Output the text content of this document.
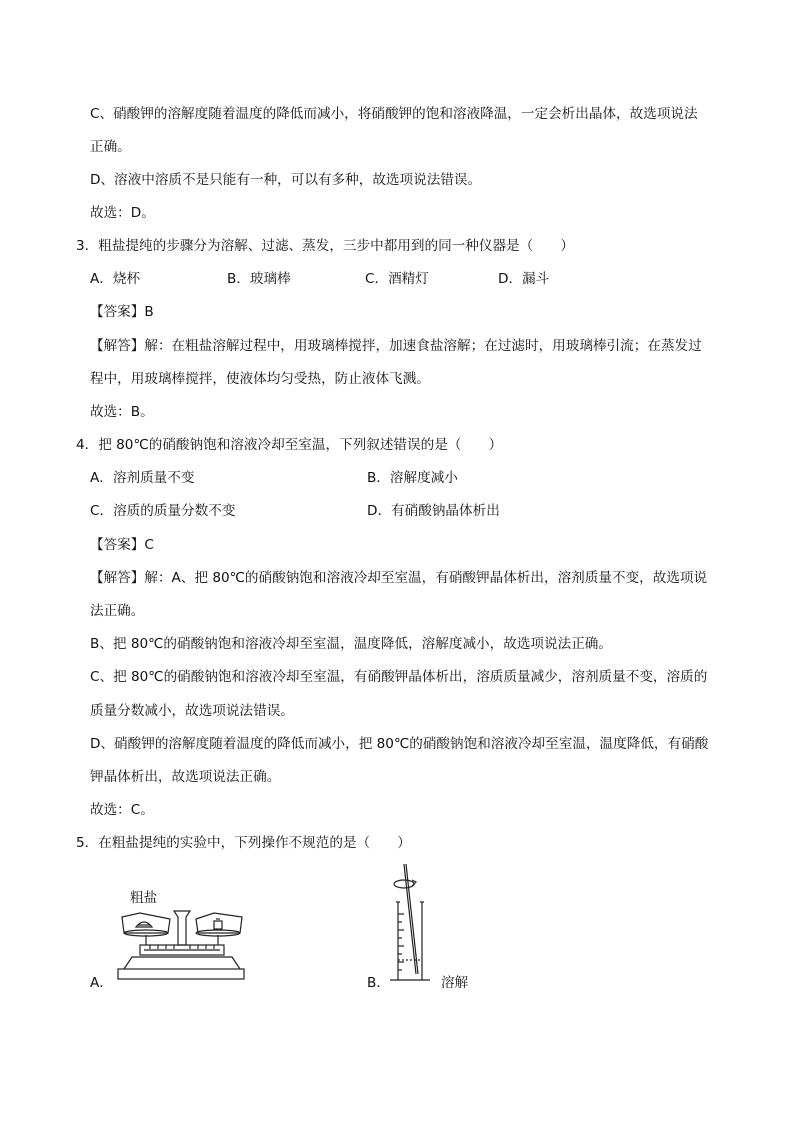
C、硝酸钾的溶解度随着温度的降低而减小，将硝酸钾的饱和溶液降温，一定会析出晶体，故选项说法
正确。
D、溶液中溶质不是只能有一种，可以有多种，故选项说法错误。
故选：D。
3．粗盐提纯的步骤分为溶解、过滤、蒸发，三步中都用到的同一种仪器是（　　）
A．烧杯	B．玻璃棒	C．酒精灯	D．漏斗
【答案】B
【解答】解：在粗盐溶解过程中，用玻璃棒搅拌，加速食盐溶解；在过滤时，用玻璃棒引流；在蒸发过
程中，用玻璃棒搅拌，使液体均匀受热，防止液体飞溅。
故选：B。
4．把 80℃的硝酸钠饱和溶液冷却至室温，下列叙述错误的是（　　）
A．溶剂质量不变	B．溶解度减小
C．溶质的质量分数不变	D．有硝酸钠晶体析出
【答案】C
【解答】解：A、把 80℃的硝酸钠饱和溶液冷却至室温，有硝酸钾晶体析出，溶剂质量不变，故选项说
法正确。
B、把 80℃的硝酸钠饱和溶液冷却至室温，温度降低，溶解度减小，故选项说法正确。
C、把 80℃的硝酸钠饱和溶液冷却至室温，有硝酸钾晶体析出，溶质质量减少，溶剂质量不变，溶质的
质量分数减小，故选项说法错误。
D、硝酸钾的溶解度随着温度的降低而减小，把 80℃的硝酸钠饱和溶液冷却至室温，温度降低，有硝酸
钾晶体析出，故选项说法正确。
故选：C。
5．在粗盐提纯的实验中，下列操作不规范的是（　　）
粗盐
A．	B．	溶解
